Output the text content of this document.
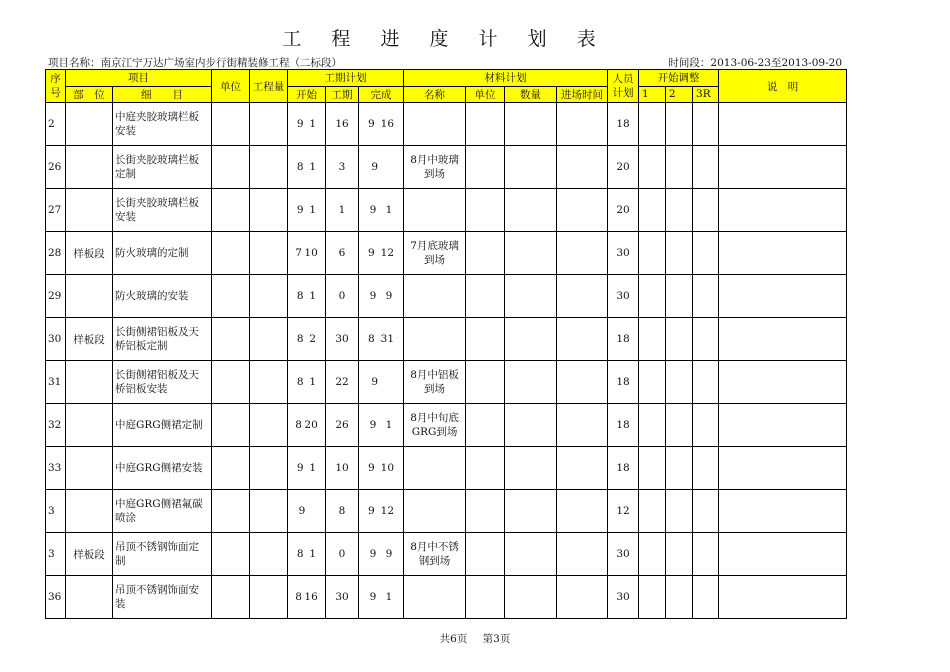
工 程 进 度 计 划 表
项目名称：南京江宁万达广场室内步行街精装修工程（二标段）	时间段：2013-06-23至2013-09-20
序号	项目		单位	工程量	工期计划			材料计划				人员计划	开始调整			说　明
	部　位	细　　目			开始	工期	完成	名称	单位	数量	进场时间		1	2	3R	
2		中庭夹胶玻璃栏板安装			9 1	16	9 16					18				
26		长街夹胶玻璃栏板定制			8 1	3	9	8月中玻璃到场				20				
27		长街夹胶玻璃栏板安装			9 1	1	9 1					20				
28	样板段	防火玻璃的定制			7 10	6	9 12	7月底玻璃到场				30				
29		防火玻璃的安装			8 1	0	9 9					30				
30	样板段	长街侧裙铝板及天桥铝板定制			8 2	30	8 31					18				
31		长街侧裙铝板及天桥铝板安装			8 1	22	9	8月中铝板到场				18				
32		中庭GRG侧裙定制			8 20	26	9 1	8月中旬底GRG到场				18				
33		中庭GRG侧裙安装			9 1	10	9 10					18				
3		中庭GRG侧裙氟碳喷涂			9	8	9 12					12				
3	样板段	吊顶不锈钢饰面定制			8 1	0	9 9	8月中不锈钢到场				30				
36		吊顶不锈钢饰面安装			8 16	30	9 1					30				
共6页 第3页
